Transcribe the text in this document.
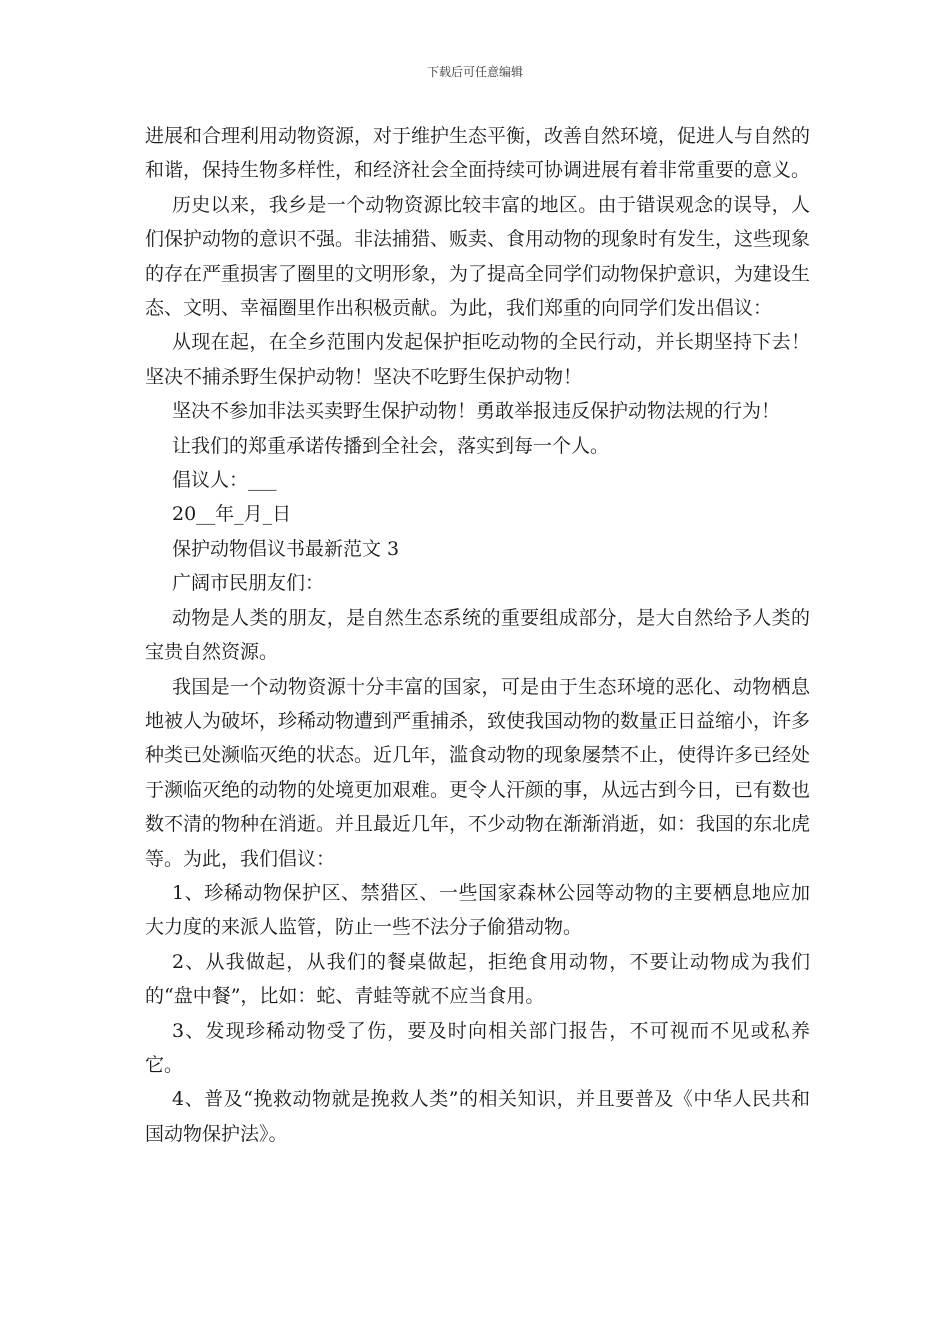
下载后可任意编辑

进展和合理利用动物资源，对于维护生态平衡，改善自然环境，促进人与自然的和谐，保持生物多样性，和经济社会全面持续可协调进展有着非常重要的意义。

历史以来，我乡是一个动物资源比较丰富的地区。由于错误观念的误导，人们保护动物的意识不强。非法捕猎、贩卖、食用动物的现象时有发生，这些现象的存在严重损害了圈里的文明形象，为了提高全同学们动物保护意识，为建设生态、文明、幸福圈里作出积极贡献。为此，我们郑重的向同学们发出倡议：

从现在起，在全乡范围内发起保护拒吃动物的全民行动，并长期坚持下去！坚决不捕杀野生保护动物！坚决不吃野生保护动物！

坚决不参加非法买卖野生保护动物！勇敢举报违反保护动物法规的行为！

让我们的郑重承诺传播到全社会，落实到每一个人。

倡议人：___

20__年_月_日

保护动物倡议书最新范文 3

广阔市民朋友们：

动物是人类的朋友，是自然生态系统的重要组成部分，是大自然给予人类的宝贵自然资源。

我国是一个动物资源十分丰富的国家，可是由于生态环境的恶化、动物栖息地被人为破坏，珍稀动物遭到严重捕杀，致使我国动物的数量正日益缩小，许多种类已处濒临灭绝的状态。近几年，滥食动物的现象屡禁不止，使得许多已经处于濒临灭绝的动物的处境更加艰难。更令人汗颜的事，从远古到今日，已有数也数不清的物种在消逝。并且最近几年，不少动物在渐渐消逝，如：我国的东北虎等。为此，我们倡议：

1、珍稀动物保护区、禁猎区、一些国家森林公园等动物的主要栖息地应加大力度的来派人监管，防止一些不法分子偷猎动物。

2、从我做起，从我们的餐桌做起，拒绝食用动物，不要让动物成为我们的“盘中餐”，比如：蛇、青蛙等就不应当食用。

3、发现珍稀动物受了伤，要及时向相关部门报告，不可视而不见或私养它。

4、普及“挽救动物就是挽救人类”的相关知识，并且要普及《中华人民共和国动物保护法》。
